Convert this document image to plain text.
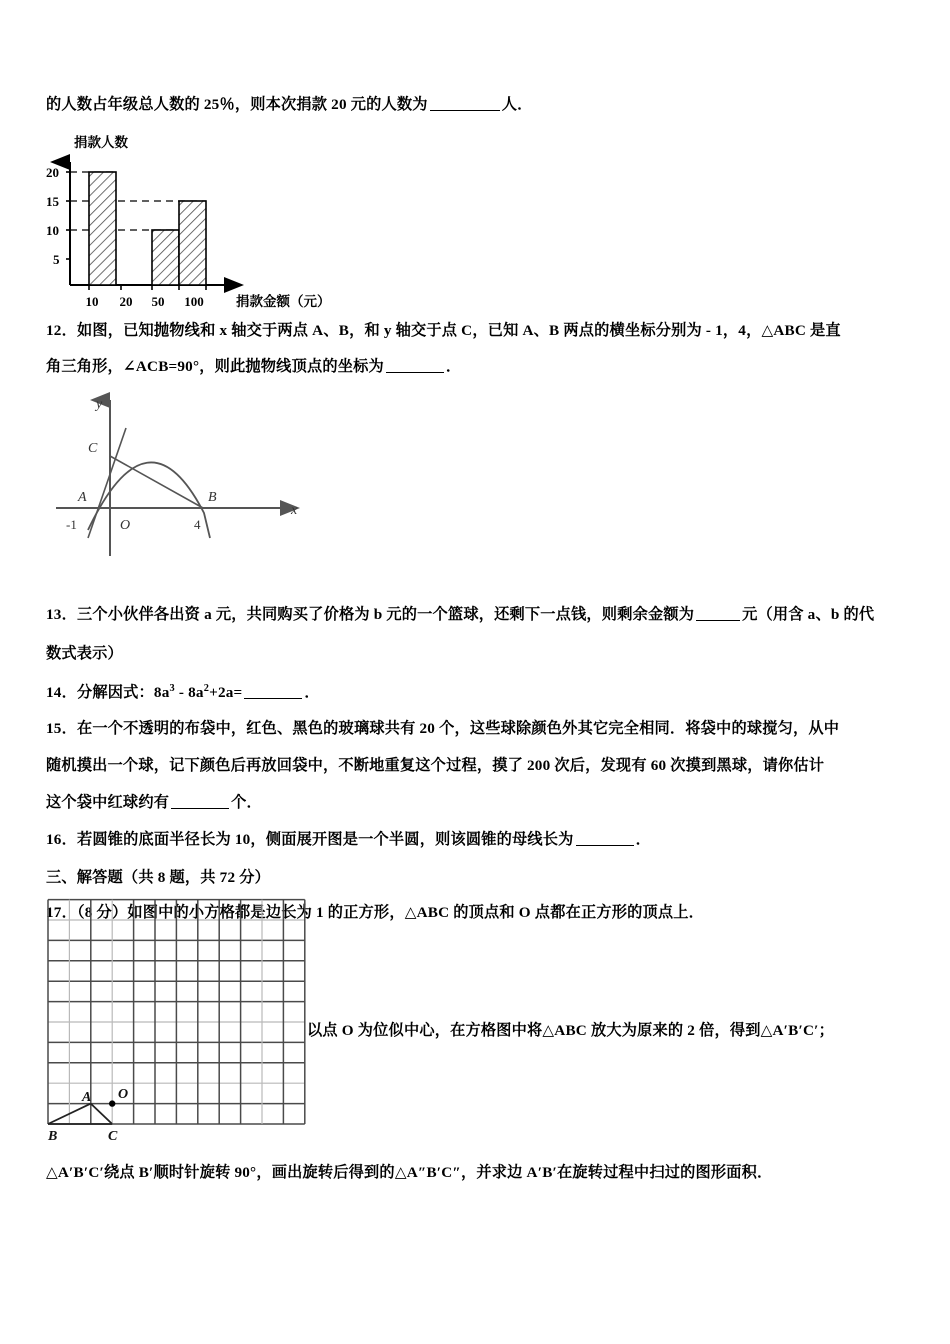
的人数占年级总人数的 25％，则本次捐款 20 元的人数为	人．
捐款人数
20
15
10
5
10 20 50 100 捐款金额（元）
12．如图，已知抛物线和 x 轴交于两点 A、B，和 y 轴交于点 C，已知 A、B 两点的横坐标分别为 - 1，4，△ABC 是直
角三角形，∠ACB=90°，则此抛物线顶点的坐标为	．
y
x
C
A	B
O
-1	4
13．三个小伙伴各出资 a 元，共同购买了价格为 b 元的一个篮球，还剩下一点钱，则剩余金额为	元（用含 a、b 的代
数式表示）
14．分解因式：$8a^3 - 8a^2+2a=$	．
15．在一个不透明的布袋中，红色、黑色的玻璃球共有 20 个，这些球除颜色外其它完全相同．将袋中的球搅匀，从中
随机摸出一个球，记下颜色后再放回袋中，不断地重复这个过程，摸了 200 次后，发现有 60 次摸到黑球，请你估计
这个袋中红球约有	个．
16．若圆锥的底面半径长为 10，侧面展开图是一个半圆，则该圆锥的母线长为	．
三、解答题（共 8 题，共 72 分）
17．（8 分）如图中的小方格都是边长为 1 的正方形，△ABC 的顶点和 O 点都在正方形的顶点上．
A
B	C
O
以点 O 为位似中心，在方格图中将△ABC 放大为原来的 2 倍，得到△A′B′C′；
△A′B′C′绕点 B′顺时针旋转 90°，画出旋转后得到的△A″B′C″，并求边 A′B′在旋转过程中扫过的图形面积．
